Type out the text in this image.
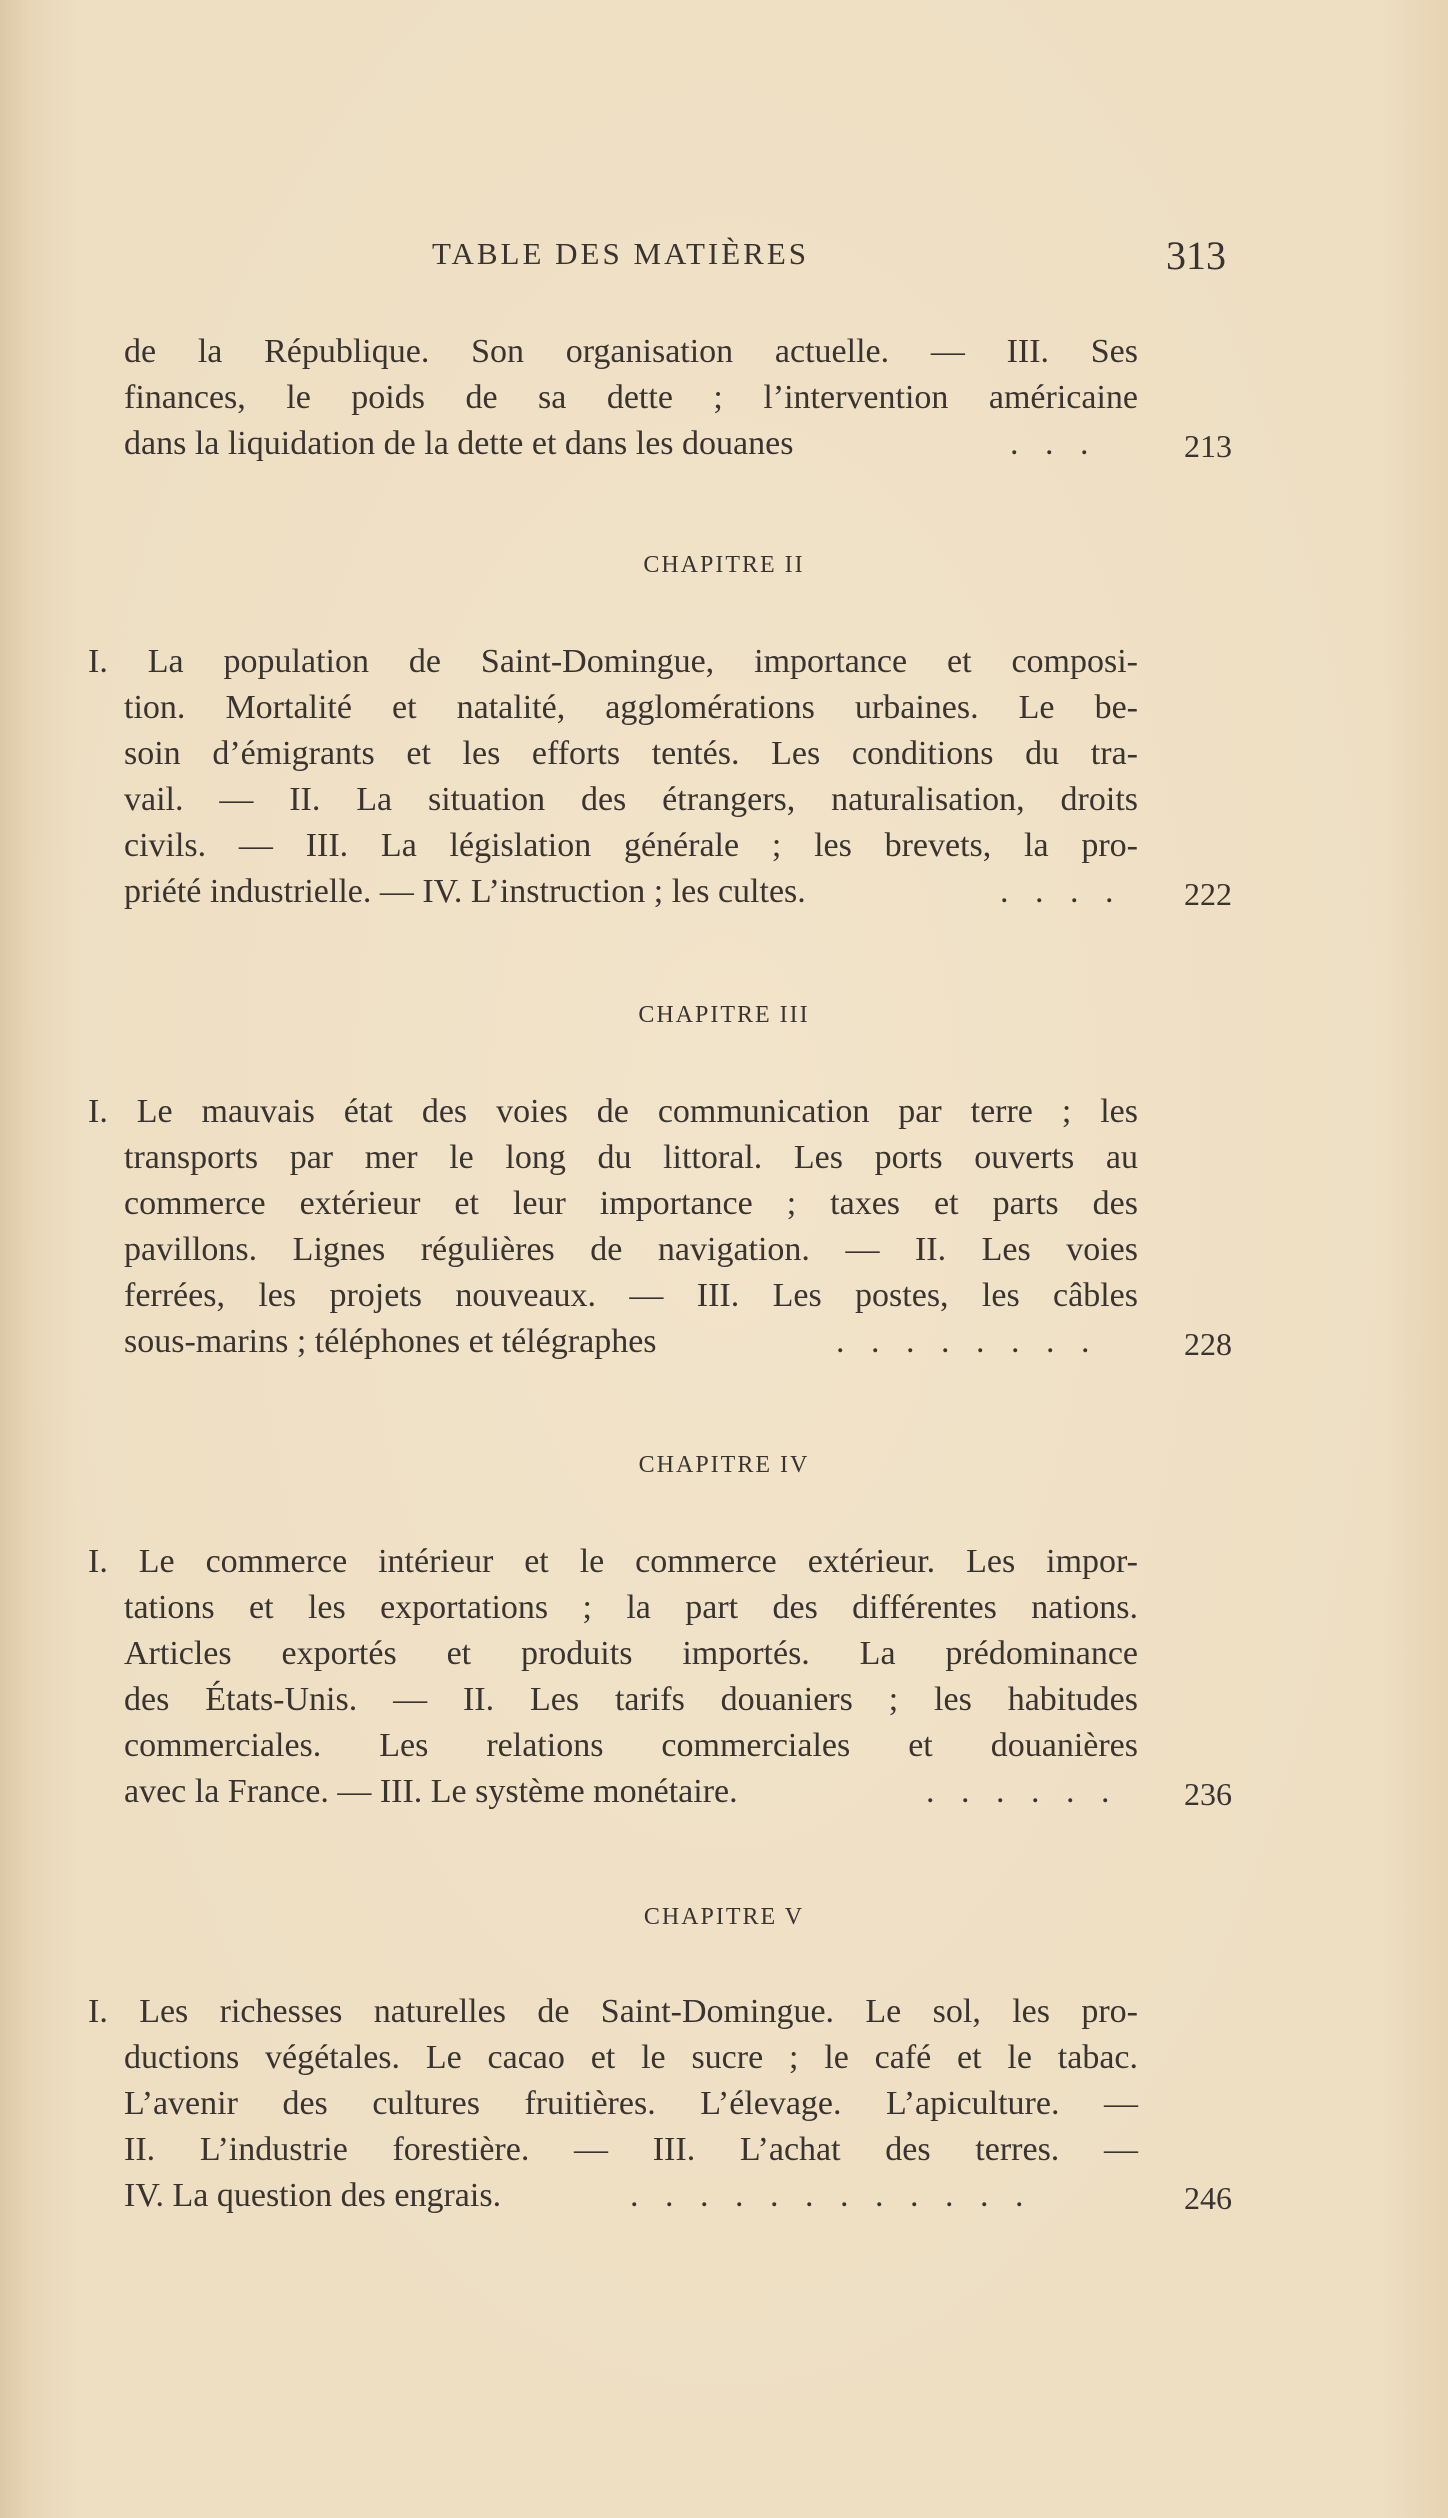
TABLE DES MATIÈRES	313
de la République. Son organisation actuelle. — III. Ses
finances, le poids de sa dette ; l’intervention américaine
dans la liquidation de la dette et dans les douanes	. . .	213
CHAPITRE II
I. La population de Saint-Domingue, importance et composi-
tion. Mortalité et natalité, agglomérations urbaines. Le be-
soin d’émigrants et les efforts tentés. Les conditions du tra-
vail. — II. La situation des étrangers, naturalisation, droits
civils. — III. La législation générale ; les brevets, la pro-
priété industrielle. — IV. L’instruction ; les cultes.	. . . . 222
CHAPITRE III
I. Le mauvais état des voies de communication par terre ; les
transports par mer le long du littoral. Les ports ouverts au
commerce extérieur et leur importance ; taxes et parts des
pavillons. Lignes régulières de navigation. — II. Les voies
ferrées, les projets nouveaux. — III. Les postes, les câbles
sous-marins ; téléphones et télégraphes	. . . . . . . .	228
CHAPITRE IV
I. Le commerce intérieur et le commerce extérieur. Les impor-
tations et les exportations ; la part des différentes nations.
Articles exportés et produits importés. La prédominance
des États-Unis. — II. Les tarifs douaniers ; les habitudes
commerciales. Les relations commerciales et douanières
avec la France. — III. Le système monétaire.	. . . . . . 236
CHAPITRE V
I. Les richesses naturelles de Saint-Domingue. Le sol, les pro-
ductions végétales. Le cacao et le sucre ; le café et le tabac.
L’avenir des cultures fruitières. L’élevage. L’apiculture. —
II. L’industrie forestière. — III. L’achat des terres. —
IV. La question des engrais.	. . . . . . . . . . . .	246
